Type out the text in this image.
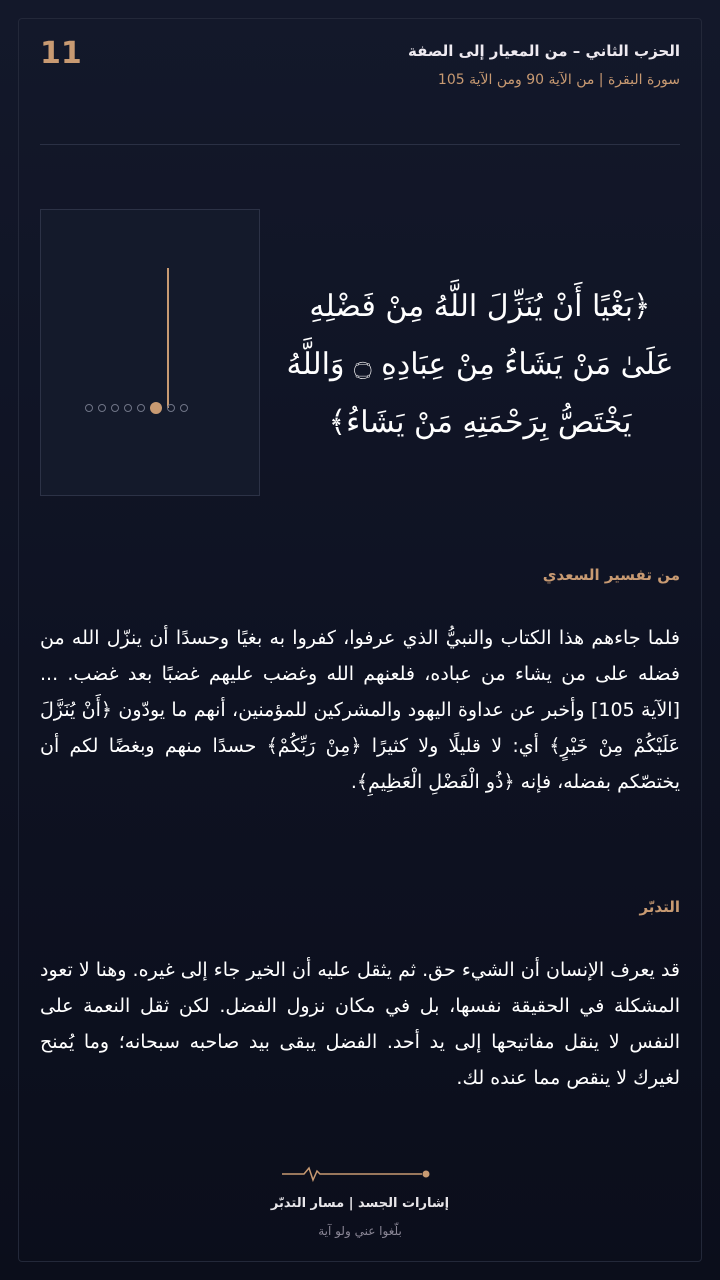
11	الحزب الثاني – من المعيار إلى الصفة
سورة البقرة | من الآية 90 ومن الآية 105
﴿بَغْيًا أَنْ يُنَزِّلَ اللَّهُ مِنْ فَضْلِهِ عَلَىٰ مَنْ يَشَاءُ مِنْ عِبَادِهِ ۝ وَاللَّهُ يَخْتَصُّ بِرَحْمَتِهِ مَنْ يَشَاءُ﴾
من تفسير السعدي
فلما جاءهم هذا الكتاب والنبيُّ الذي عرفوا، كفروا به بغيًا وحسدًا أن ينزّل الله من فضله على من يشاء من عباده، فلعنهم الله وغضب عليهم غضبًا بعد غضب. ... [الآية 105] وأخبر عن عداوة اليهود والمشركين للمؤمنين، أنهم ما يودّون ﴿أَنْ يُنَزَّلَ عَلَيْكُمْ مِنْ خَيْرٍ﴾ أي: لا قليلًا ولا كثيرًا ﴿مِنْ رَبِّكُمْ﴾ حسدًا منهم وبغضًا لكم أن يختصّكم بفضله، فإنه ﴿ذُو الْفَضْلِ الْعَظِيمِ﴾.
التدبّر
قد يعرف الإنسان أن الشيء حق. ثم يثقل عليه أن الخير جاء إلى غيره. وهنا لا تعود المشكلة في الحقيقة نفسها، بل في مكان نزول الفضل. لكن ثقل النعمة على النفس لا ينقل مفاتيحها إلى يد أحد. الفضل يبقى بيد صاحبه سبحانه؛ وما يُمنح لغيرك لا ينقص مما عنده لك.
إشارات الجسد | مسار التدبّر
بلّغوا عني ولو آية
